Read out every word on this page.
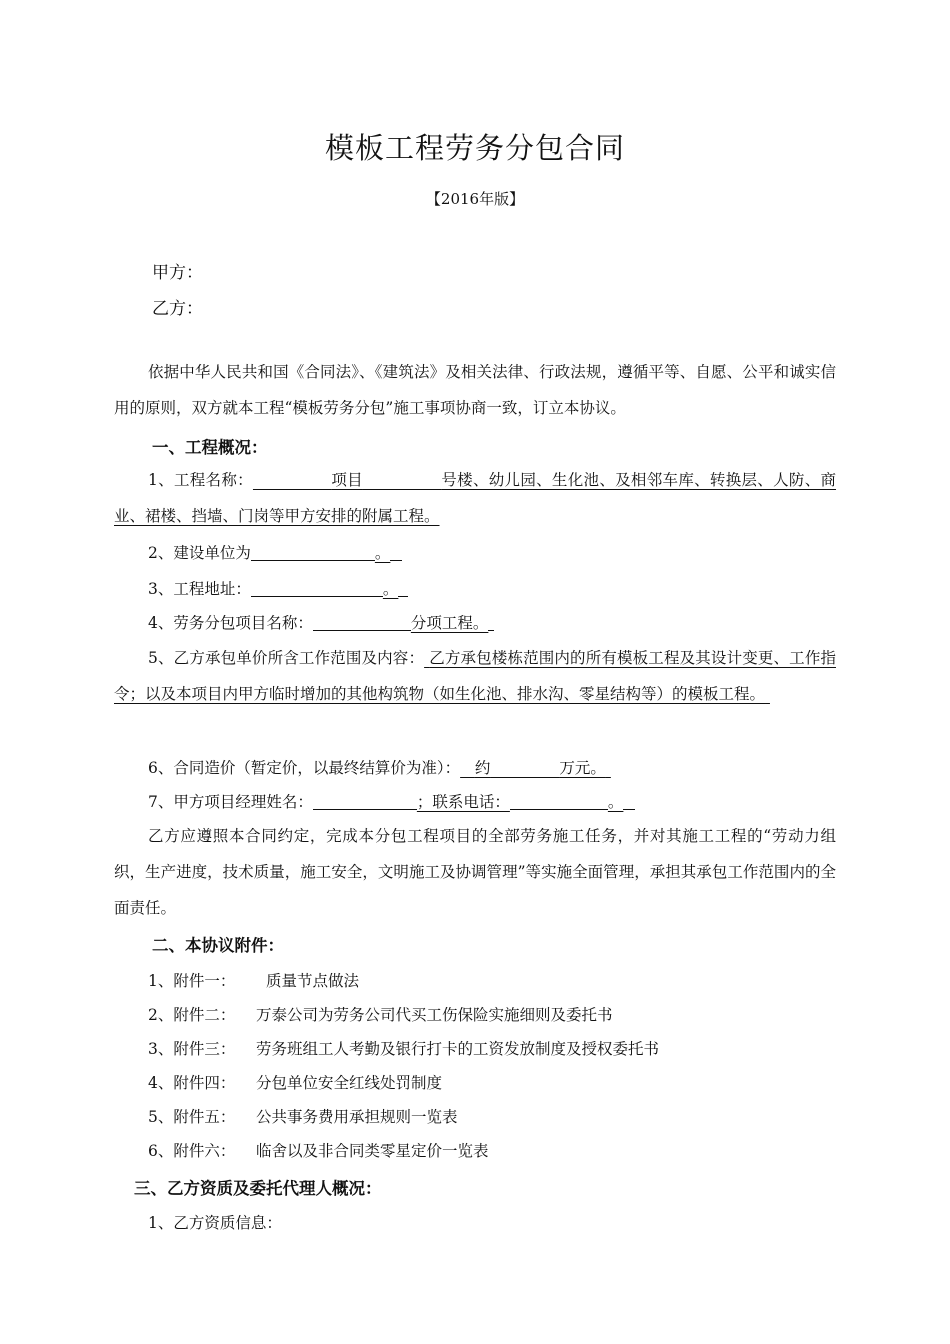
模板工程劳务分包合同
【2016年版】
甲方：
乙方：
依据中华人民共和国《合同法》、《建筑法》及相关法律、行政法规，遵循平等、自愿、公平和诚实信用的原则，双方就本工程“模板劳务分包”施工事项协商一致，订立本协议。
一、工程概况：
1、工程名称：	项目	号楼、幼儿园、生化池、及相邻车库、转换层、人防、商业、裙楼、挡墙、门岗等甲方安排的附属工程。
2、建设单位为	。
3、工程地址：	。
4、劳务分包项目名称：	分项工程。
5、乙方承包单价所含工作范围及内容： 乙方承包楼栋范围内的所有模板工程及其设计变更、工作指令；以及本项目内甲方临时增加的其他构筑物（如生化池、排水沟、零星结构等）的模板工程。
6、合同造价（暂定价，以最终结算价为准）： 约	万元。
7、甲方项目经理姓名：	；联系电话：	。
乙方应遵照本合同约定，完成本分包工程项目的全部劳务施工任务，并对其施工工程的“劳动力组织，生产进度，技术质量，施工安全，文明施工及协调管理”等实施全面管理，承担其承包工作范围内的全面责任。
二、本协议附件：
1、附件一： 质量节点做法
2、附件二： 万泰公司为劳务公司代买工伤保险实施细则及委托书
3、附件三： 劳务班组工人考勤及银行打卡的工资发放制度及授权委托书
4、附件四： 分包单位安全红线处罚制度
5、附件五： 公共事务费用承担规则一览表
6、附件六： 临舍以及非合同类零星定价一览表
三、乙方资质及委托代理人概况：
1、乙方资质信息：
